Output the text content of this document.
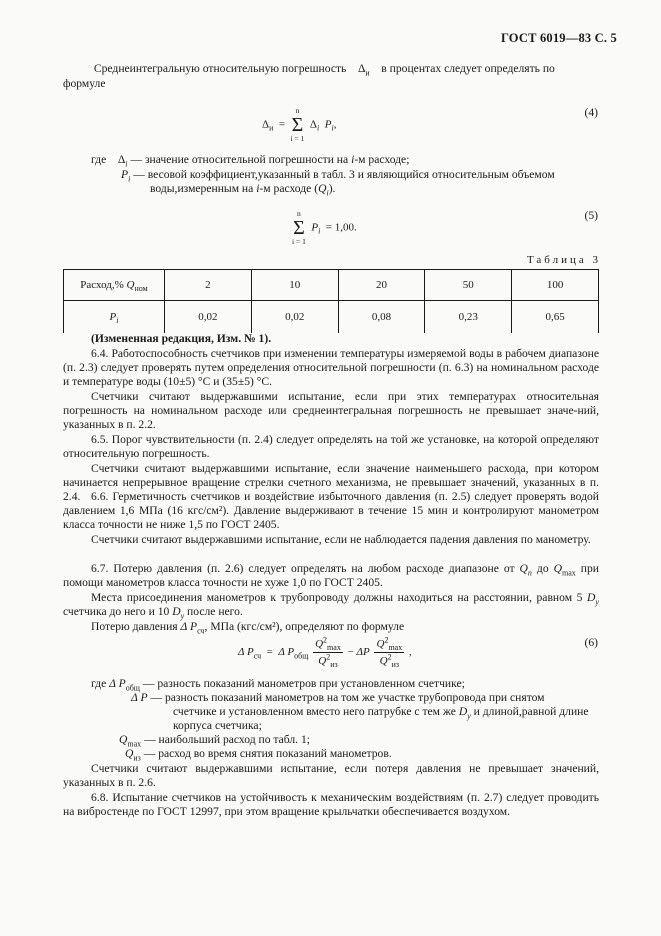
ГОСТ 6019—83 С. 5
Среднеинтегральную относительную погрешность $\Delta_и$ в процентах следует определять по
формуле
$\Delta_и$ =
n
Σ
i = 1
$\Delta_i$ $P_i$,
(4)
где $\Delta_i$ — значение относительной погрешности на i-м расходе;
$P_i$ — весовой коэффициент,указанный в табл. 3 и являющийся относительным объемом
воды,измеренным на i-м расходе $(Q_i)$.
n
Σ
i = 1
$P_i = 1,00$.
(5)
Таблица 3
Расход,% $Q_{ном}$	2	10	20	50	100
$P_i$	0,02	0,02	0,08	0,23	0,65
(Измененная редакция, Изм. № 1).
6.4. Работоспособность счетчиков при изменении температуры измеряемой воды в рабочем диапазоне (п. 2.3) следует проверять путем определения относительной погрешности (п. 6.3) на номинальном расходе и температуре воды (10±5) °С и (35±5) °С.
Счетчики считают выдержавшими испытание, если при этих температурах относительная погрешность на номинальном расходе или среднеинтегральная погрешность не превышает значе-ний, указанных в п. 2.2.
6.5. Порог чувствительности (п. 2.4) следует определять на той же установке, на которой определяют относительную погрешность.
Счетчики считают выдержавшими испытание, если значение наименьшего расхода, при котором начинается непрерывное вращение стрелки счетного механизма, не превышает значений, указанных в п. 2.4. 6.6. Герметичность счетчиков и воздействие избыточного давления (п. 2.5) следует проверять водой давлением 1,6 МПа (16 кгс/см²). Давление выдерживают в течение 15 мин и контролируют манометром класса точности не ниже 1,5 по ГОСТ 2405.
Счетчики считают выдержавшими испытание, если не наблюдается падения давления по манометру.
6.7. Потерю давления (п. 2.6) следует определять на любом расходе диапазоне от $Q_n$ до $Q_{max}$ при помощи манометров класса точности не хуже 1,0 по ГОСТ 2405.
Места присоединения манометров к трубопроводу должны находиться на расстоянии, равном 5 $D_y$ счетчика до него и 10 $D_y$ после него.
Потерю давления Δ $P_{сч}$, МПа (кгс/см²), определяют по формуле
Δ $P_{сч} = \Delta$ $P_{общ} \frac{Q^2_{max}}{Q^2_{из}} - \Delta P \frac{Q^2_{max}}{Q^2_{из}}$ ,
(6)
где Δ $P_{общ}$ — разность показаний манометров при установленном счетчике;
Δ P — разность показаний манометров на том же участке трубопровода при снятом
счетчике и установленном вместо него патрубке с тем же $D_y$ и длиной,равной длине
корпуса счетчика;
$Q_{max}$ — наибольший расход по табл. 1;
$Q_{из}$ — расход во время снятия показаний манометров.
Счетчики считают выдержавшими испытание, если потеря давления не превышает значений, указанных в п. 2.6.
6.8. Испытание счетчиков на устойчивость к механическим воздействиям (п. 2.7) следует проводить на вибростенде по ГОСТ 12997, при этом вращение крыльчатки обеспечивается воздухом.
